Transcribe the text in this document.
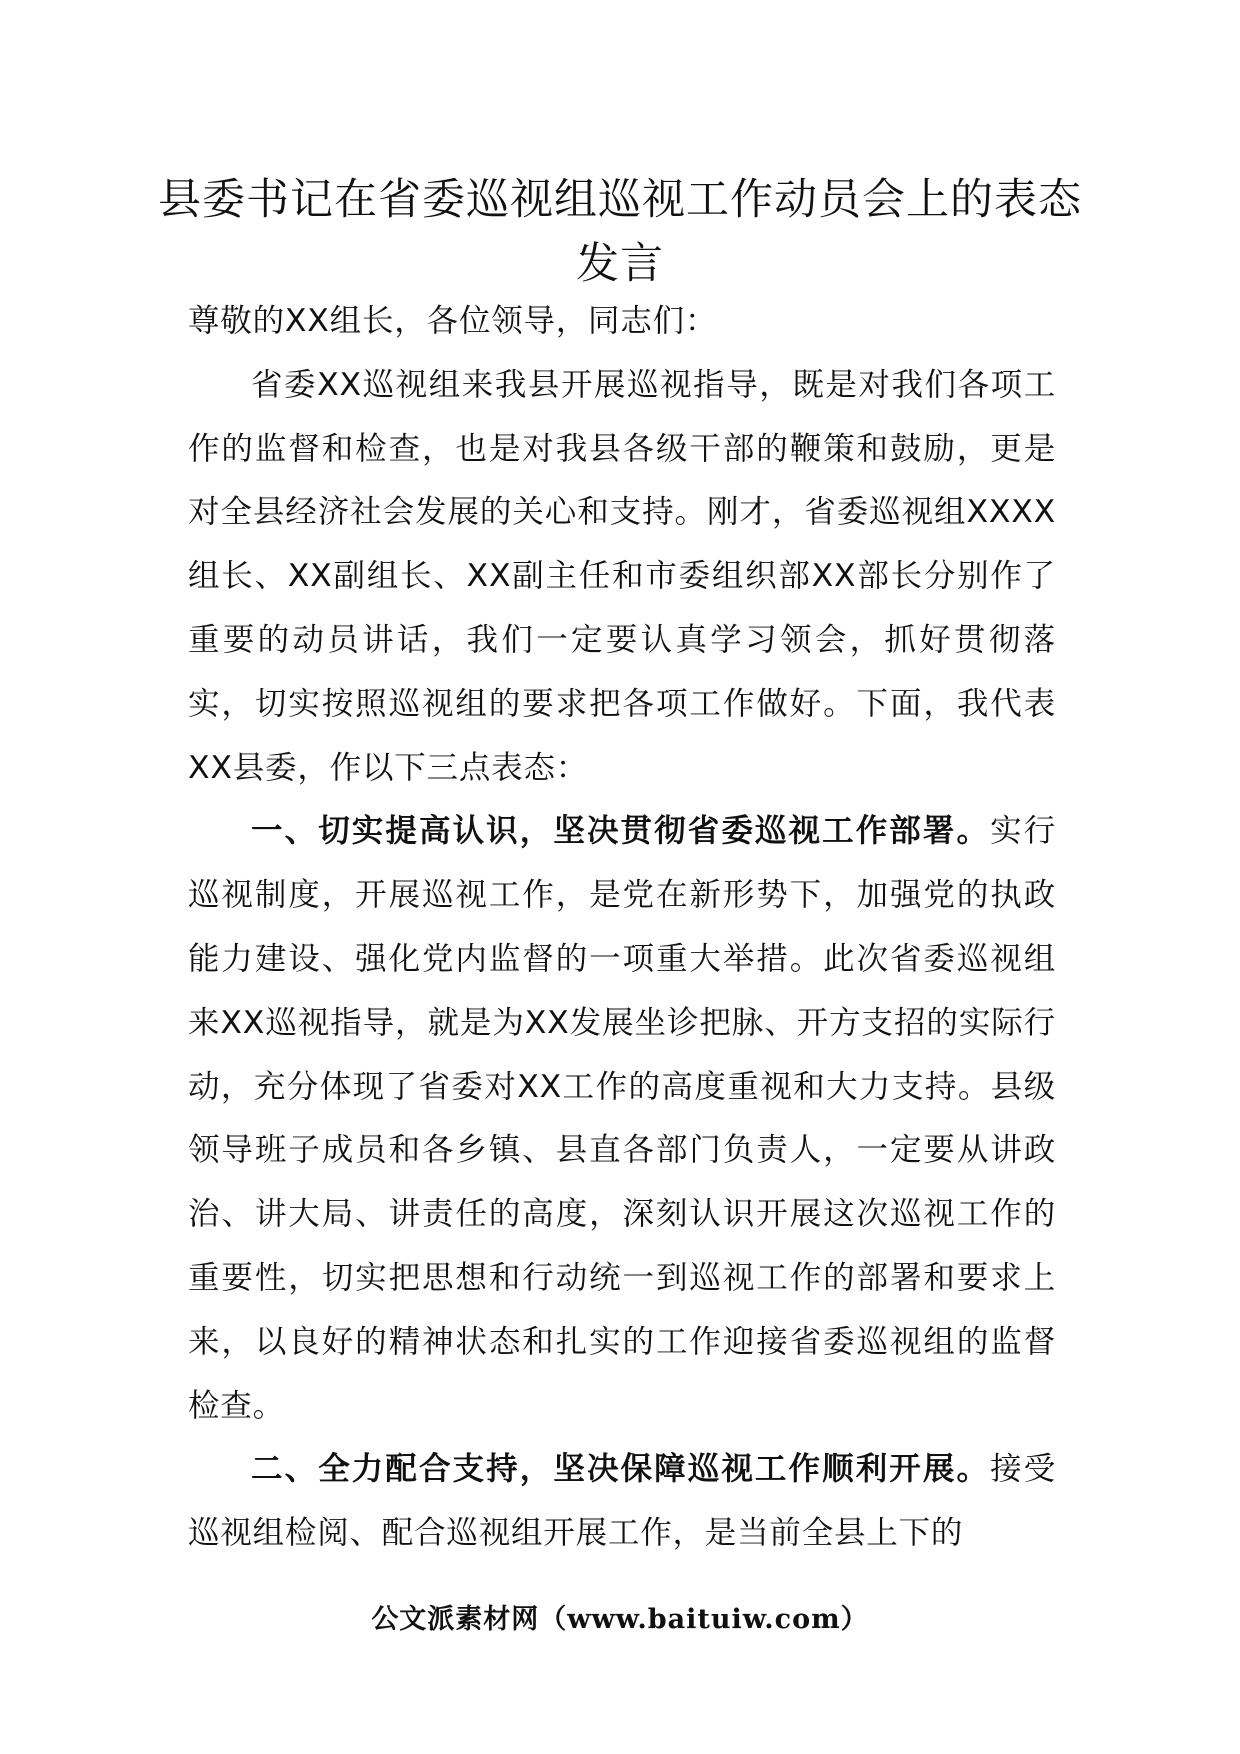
县委书记在省委巡视组巡视工作动员会上的表态发言

尊敬的XX组长，各位领导，同志们：

省委XX巡视组来我县开展巡视指导，既是对我们各项工作的监督和检查，也是对我县各级干部的鞭策和鼓励，更是对全县经济社会发展的关心和支持。刚才，省委巡视组XXXX组长、XX副组长、XX副主任和市委组织部XX部长分别作了重要的动员讲话，我们一定要认真学习领会，抓好贯彻落实，切实按照巡视组的要求把各项工作做好。下面，我代表XX县委，作以下三点表态：

一、切实提高认识，坚决贯彻省委巡视工作部署。实行巡视制度，开展巡视工作，是党在新形势下，加强党的执政能力建设、强化党内监督的一项重大举措。此次省委巡视组来XX巡视指导，就是为XX发展坐诊把脉、开方支招的实际行动，充分体现了省委对XX工作的高度重视和大力支持。县级领导班子成员和各乡镇、县直各部门负责人，一定要从讲政治、讲大局、讲责任的高度，深刻认识开展这次巡视工作的重要性，切实把思想和行动统一到巡视工作的部署和要求上来，以良好的精神状态和扎实的工作迎接省委巡视组的监督检查。

二、全力配合支持，坚决保障巡视工作顺利开展。接受巡视组检阅、配合巡视组开展工作，是当前全县上下的

公文派素材网（www.baituiw.com）
